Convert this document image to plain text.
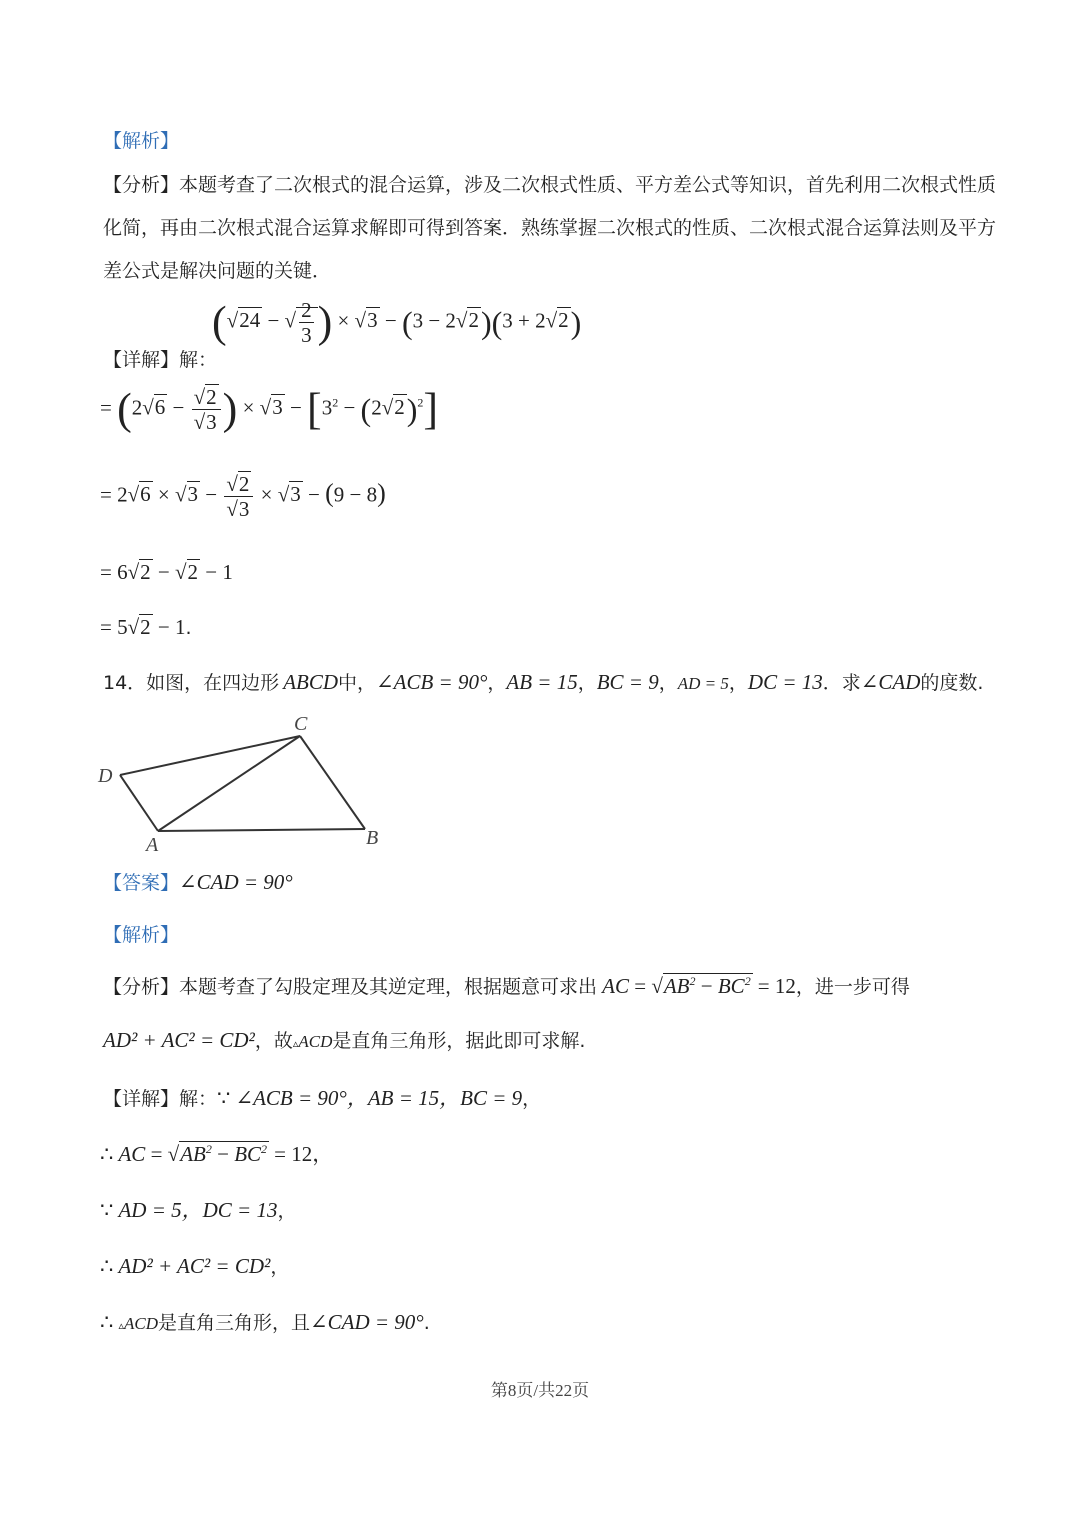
【解析】
【分析】本题考查了二次根式的混合运算，涉及二次根式性质、平方差公式等知识，首先利用二次根式性质
化简，再由二次根式混合运算求解即可得到答案．熟练掌握二次根式的性质、二次根式混合运算法则及平方
差公式是解决问题的关键．
【详解】解：
(√24 − √ $\frac{2}{3}$ ) × √3 − (3 − 2√2)(3 + 2√2)
= ($2√6 - \frac{√2}{√3}$ ) × $√3 - [3^2 - (2√2)^2]$
= $2√6 \times √3 - \frac{√2}{√3} \times √3 - (9 - 8)$
= 6√2 − √2 − 1
= 5√2 − 1.
14．如图，在四边形 ABCD中，∠ACB = 90°，AB = 15，BC = 9，AD = 5，DC = 13．求∠CAD的度数.
C
D
A	B
【答案】∠CAD = 90°
【解析】
【分析】本题考查了勾股定理及其逆定理，根据题意可求出 AC = $√AB^2 - BC^2 = 12$，进一步可得
AD² + AC² = CD²，故▵ACD是直角三角形，据此即可求解.
【详解】解：∵ ∠ACB = 90°，AB = 15，BC = 9，
∴ AC = $√AB^2 - BC^2 = 12$，
∵ AD = 5，DC = 13，
∴ AD² + AC² = CD²，
∴ ▵ACD是直角三角形，且∠CAD = 90°.
第8页/共22页
